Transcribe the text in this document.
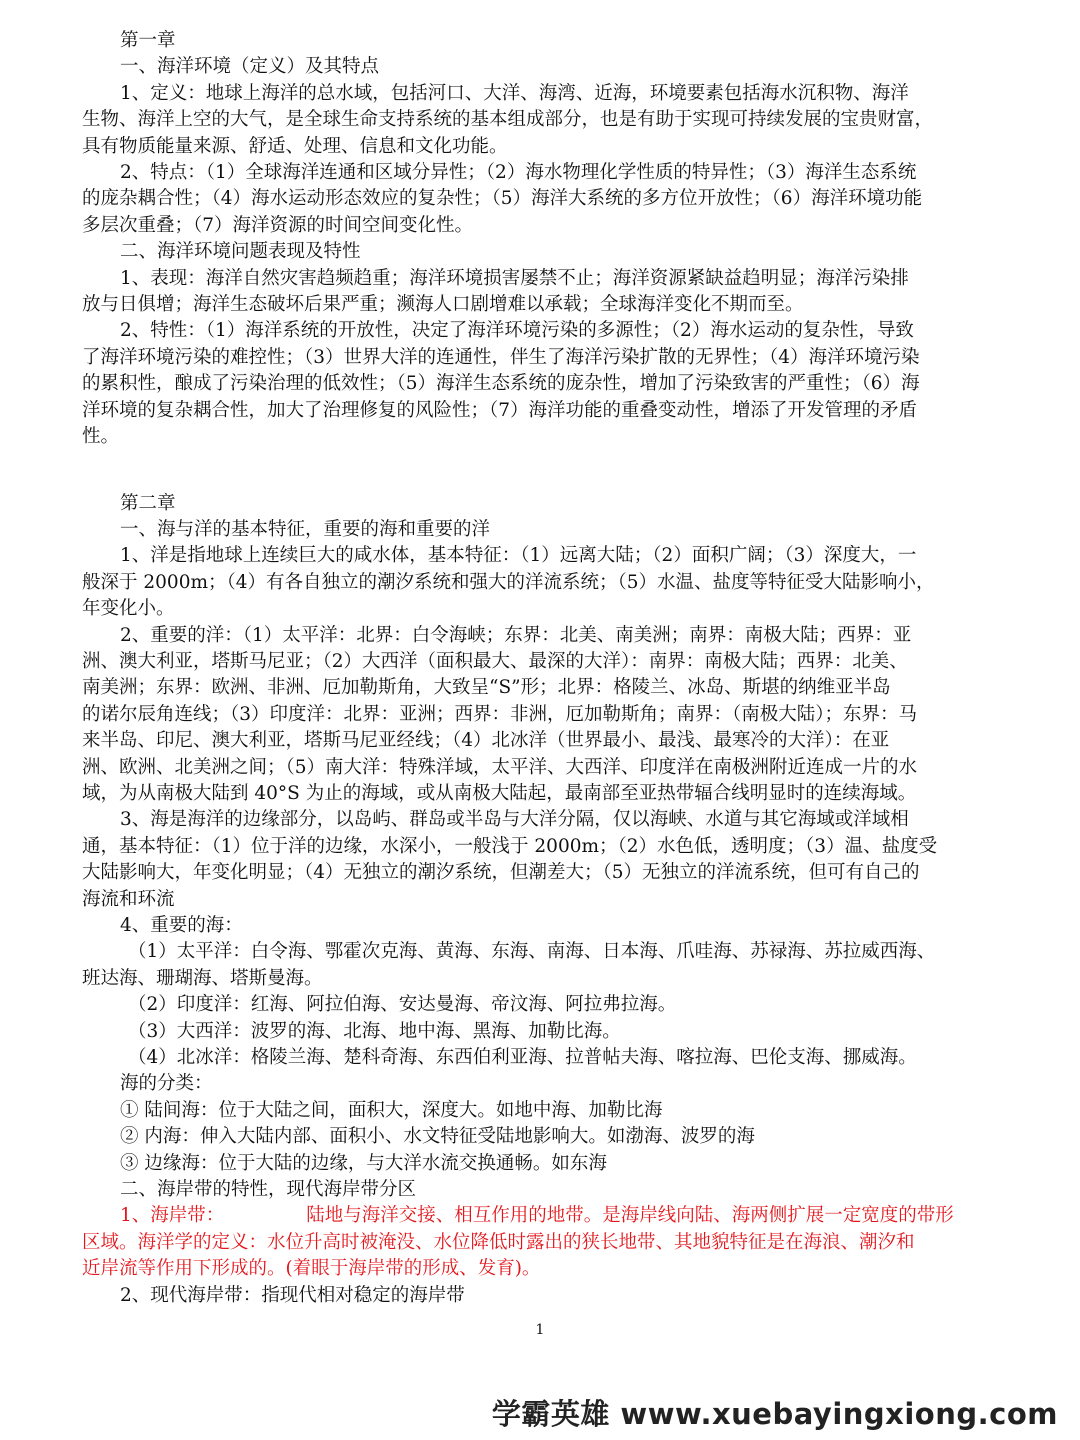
第一章
一、海洋环境（定义）及其特点
1、定义：地球上海洋的总水域，包括河口、大洋、海湾、近海，环境要素包括海水沉积物、海洋
生物、海洋上空的大气，是全球生命支持系统的基本组成部分，也是有助于实现可持续发展的宝贵财富，
具有物质能量来源、舒适、处理、信息和文化功能。
2、特点：（1）全球海洋连通和区域分异性；（2）海水物理化学性质的特异性；（3）海洋生态系统
的庞杂耦合性；（4）海水运动形态效应的复杂性；（5）海洋大系统的多方位开放性；（6）海洋环境功能
多层次重叠；（7）海洋资源的时间空间变化性。
二、海洋环境问题表现及特性
1、表现：海洋自然灾害趋频趋重；海洋环境损害屡禁不止；海洋资源紧缺益趋明显；海洋污染排
放与日俱增；海洋生态破坏后果严重；濒海人口剧增难以承载；全球海洋变化不期而至。
2、特性：（1）海洋系统的开放性，决定了海洋环境污染的多源性；（2）海水运动的复杂性，导致
了海洋环境污染的难控性；（3）世界大洋的连通性，伴生了海洋污染扩散的无界性；（4）海洋环境污染
的累积性，酿成了污染治理的低效性；（5）海洋生态系统的庞杂性，增加了污染致害的严重性；（6）海
洋环境的复杂耦合性，加大了治理修复的风险性；（7）海洋功能的重叠变动性，增添了开发管理的矛盾
性。
第二章
一、海与洋的基本特征，重要的海和重要的洋
1、洋是指地球上连续巨大的咸水体，基本特征：（1）远离大陆；（2）面积广阔；（3）深度大，一
般深于 2000m；（4）有各自独立的潮汐系统和强大的洋流系统；（5）水温、盐度等特征受大陆影响小，
年变化小。
2、重要的洋：（1）太平洋：北界：白令海峡；东界：北美、南美洲；南界：南极大陆；西界：亚
洲、澳大利亚，塔斯马尼亚；（2）大西洋（面积最大、最深的大洋）：南界：南极大陆；西界：北美、
南美洲；东界：欧洲、非洲、厄加勒斯角，大致呈“S”形；北界：格陵兰、冰岛、斯堪的纳维亚半岛
的诺尔辰角连线；（3）印度洋：北界：亚洲；西界：非洲，厄加勒斯角；南界：（南极大陆）；东界：马
来半岛、印尼、澳大利亚，塔斯马尼亚经线；（4）北冰洋（世界最小、最浅、最寒冷的大洋）：在亚
洲、欧洲、北美洲之间；（5）南大洋：特殊洋域，太平洋、大西洋、印度洋在南极洲附近连成一片的水
域，为从南极大陆到 40°S 为止的海域，或从南极大陆起，最南部至亚热带辐合线明显时的连续海域。
3、海是海洋的边缘部分，以岛屿、群岛或半岛与大洋分隔，仅以海峡、水道与其它海域或洋域相
通，基本特征：（1）位于洋的边缘，水深小，一般浅于 2000m；（2）水色低，透明度；（3）温、盐度受
大陆影响大，年变化明显；（4）无独立的潮汐系统，但潮差大；（5）无独立的洋流系统，但可有自己的
海流和环流
4、重要的海：
（1）太平洋：白令海、鄂霍次克海、黄海、东海、南海、日本海、爪哇海、苏禄海、苏拉威西海、
班达海、珊瑚海、塔斯曼海。
（2）印度洋：红海、阿拉伯海、安达曼海、帝汶海、阿拉弗拉海。
（3）大西洋：波罗的海、北海、地中海、黑海、加勒比海。
（4）北冰洋：格陵兰海、楚科奇海、东西伯利亚海、拉普帖夫海、喀拉海、巴伦支海、挪威海。
海的分类：
① 陆间海：位于大陆之间，面积大，深度大。如地中海、加勒比海
② 内海：伸入大陆内部、面积小、水文特征受陆地影响大。如渤海、波罗的海
③ 边缘海：位于大陆的边缘，与大洋水流交换通畅。如东海
二、海岸带的特性，现代海岸带分区
1、海岸带：	陆地与海洋交接、相互作用的地带。是海岸线向陆、海两侧扩展一定宽度的带形
区域。海洋学的定义：水位升高时被淹没、水位降低时露出的狭长地带、其地貌特征是在海浪、潮汐和
近岸流等作用下形成的。(着眼于海岸带的形成、发育)。
2、现代海岸带：指现代相对稳定的海岸带
1
学霸英雄 www.xuebayingxiong.com
